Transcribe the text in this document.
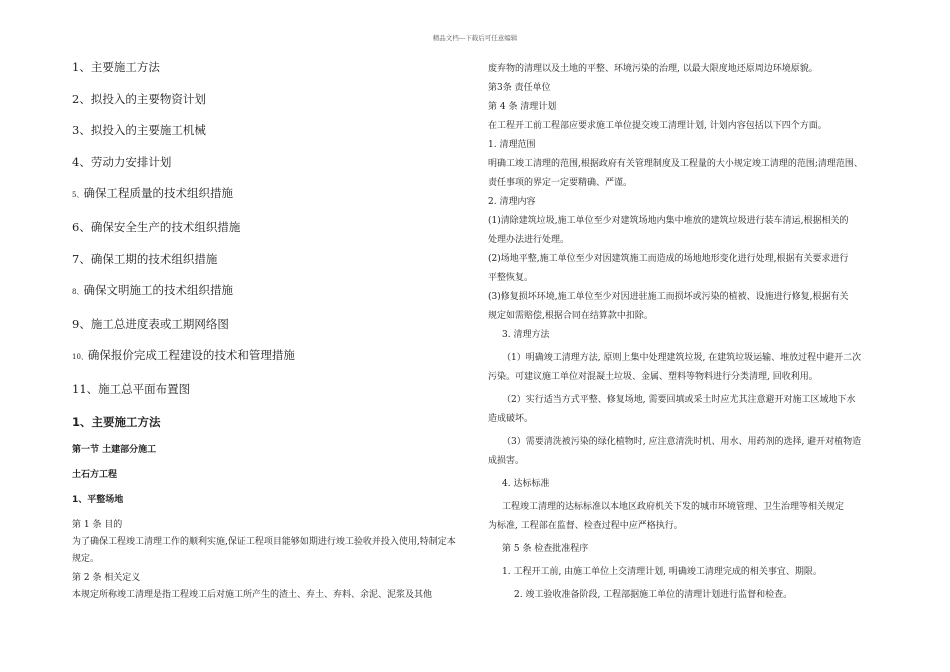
精品文档---下载后可任意编辑
1、主要施工方法
2、拟投入的主要物资计划
3、拟投入的主要施工机械
4、劳动力安排计划
5、确保工程质量的技术组织措施
6、确保安全生产的技术组织措施
7、确保工期的技术组织措施
8、确保文明施工的技术组织措施
9、施工总进度表或工期网络图
10、确保报价完成工程建设的技术和管理措施
11、施工总平面布置图
1、主要施工方法
第一节 土建部分施工
土石方工程
1、平整场地
第 1 条 目的
为了确保工程竣工清理工作的顺利实施,保证工程项目能够如期进行竣工验收并投入使用,特制定本规定。
第 2 条 相关定义
本规定所称竣工清理是指工程竣工后对施工所产生的渣土、弃土、弃料、余泥、泥浆及其他
废弃物的清理以及土地的平整、环境污染的治理, 以最大限度地还原周边环境原貌。
第3条 责任单位
第 4 条 清理计划
在工程开工前工程部应要求施工单位提交竣工清理计划, 计划内容包括以下四个方面。
1. 清理范围
明确工竣工清理的范围,根据政府有关管理制度及工程量的大小规定竣工清理的范围;清理范围、
责任事项的界定一定要精确、严谨。
2. 清理内容
(1)清除建筑垃圾,施工单位至少对建筑场地内集中堆放的建筑垃圾进行装车清运,根据相关的
处理办法进行处理。
(2)场地平整,施工单位至少对因建筑施工而造成的场地地形变化进行处理,根据有关要求进行
平整恢复。
(3)修复损坏环境,施工单位至少对因进驻施工而损坏或污染的植被、设施进行修复,根据有关
规定如需赔偿,根据合同在结算款中扣除。
3. 清理方法
（1）明确竣工清理方法, 原则上集中处理建筑垃圾, 在建筑垃圾运输、堆放过程中避开二次
污染。可建议施工单位对混凝土垃圾、金属、塑料等物料进行分类清理, 回收利用。
（2）实行适当方式平整、修复场地, 需要回填或采土时应尤其注意避开对施工区域地下水
造成破坏。
（3）需要清洗被污染的绿化植物时, 应注意清洗时机、用水、用药剂的选择, 避开对植物造
成损害。
4. 达标标准
工程竣工清理的达标标准以本地区政府机关下发的城市环境管理、卫生治理等相关规定
为标准, 工程部在监督、检查过程中应严格执行。
第 5 条 检查批准程序
1. 工程开工前, 由施工单位上交清理计划, 明确竣工清理完成的相关事宜、期限。
2. 竣工验收准备阶段, 工程部据施工单位的清理计划进行监督和检查。
